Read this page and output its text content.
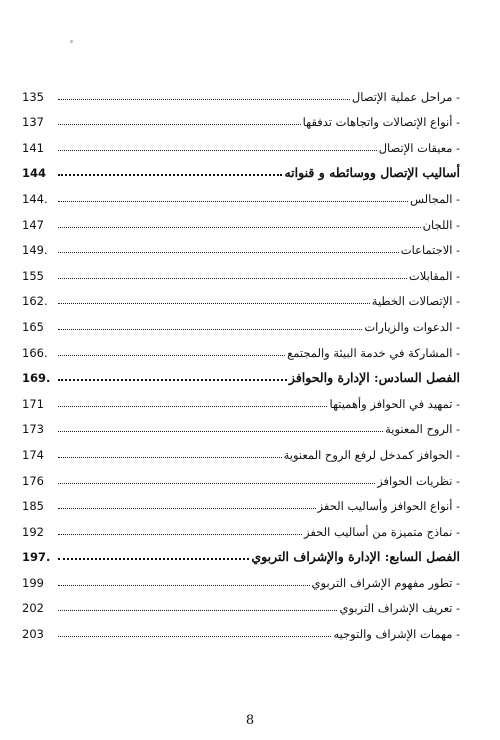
- مراحل عملية الإتصال
135
- أنواع الإتصالات واتجاهات تدفقها
137
- معيقات الإتصال
141
أساليب الإتصال ووسائطه و قنواته
144
- المجالس
144.
- اللجان
147
- الاجتماعات
149.
- المقابلات
155
- الإتصالات الخطية
162.
- الدعوات والزيارات
165
- المشاركة في خدمة البيئة والمجتمع
166.
الفصل السادس: الإدارة والحوافز
169.
- تمهيد في الحوافز وأهميتها
171
- الروح المعنوية
173
- الحوافز كمدخل لرفع الروح المعنوية
174
- نظريات الحوافز
176
- أنواع الحوافز وأساليب الحفز
185
- نماذج متميزة من أساليب الحفز
192
الفصل السابع: الإدارة والإشراف التربوي
197.
- تطور مفهوم الإشراف التربوي
199
- تعريف الإشراف التربوي
202
- مهمات الإشراف والتوجيه
203
8
